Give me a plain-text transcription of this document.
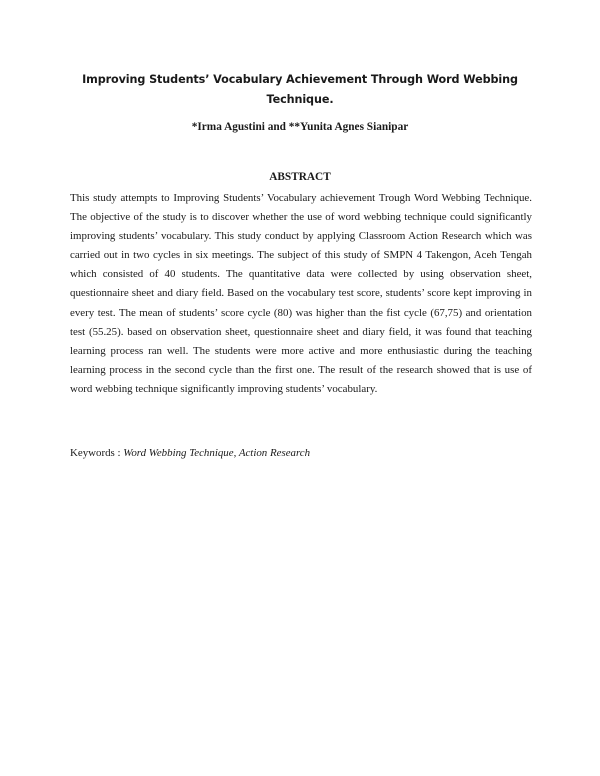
Improving Students’ Vocabulary Achievement Through Word Webbing Technique.
*Irma Agustini and **Yunita Agnes Sianipar
ABSTRACT

This study attempts to Improving Students’ Vocabulary achievement Trough Word Webbing Technique. The objective of the study is to discover whether the use of word webbing technique could significantly improving students’ vocabulary. This study conduct by applying Classroom Action Research which was carried out in two cycles in six meetings. The subject of this study of SMPN 4 Takengon, Aceh Tengah which consisted of 40 students. The quantitative data were collected by using observation sheet, questionnaire sheet and diary field. Based on the vocabulary test score, students’ score kept improving in every test. The mean of students’ score cycle (80) was higher than the fist cycle (67,75) and orientation test (55.25). based on observation sheet, questionnaire sheet and diary field, it was found that teaching learning process ran well. The students were more active and more enthusiastic during the teaching learning process in the second cycle than the first one. The result of the research showed that is use of word webbing technique significantly improving students’ vocabulary.

Keywords : Word Webbing Technique, Action Research
